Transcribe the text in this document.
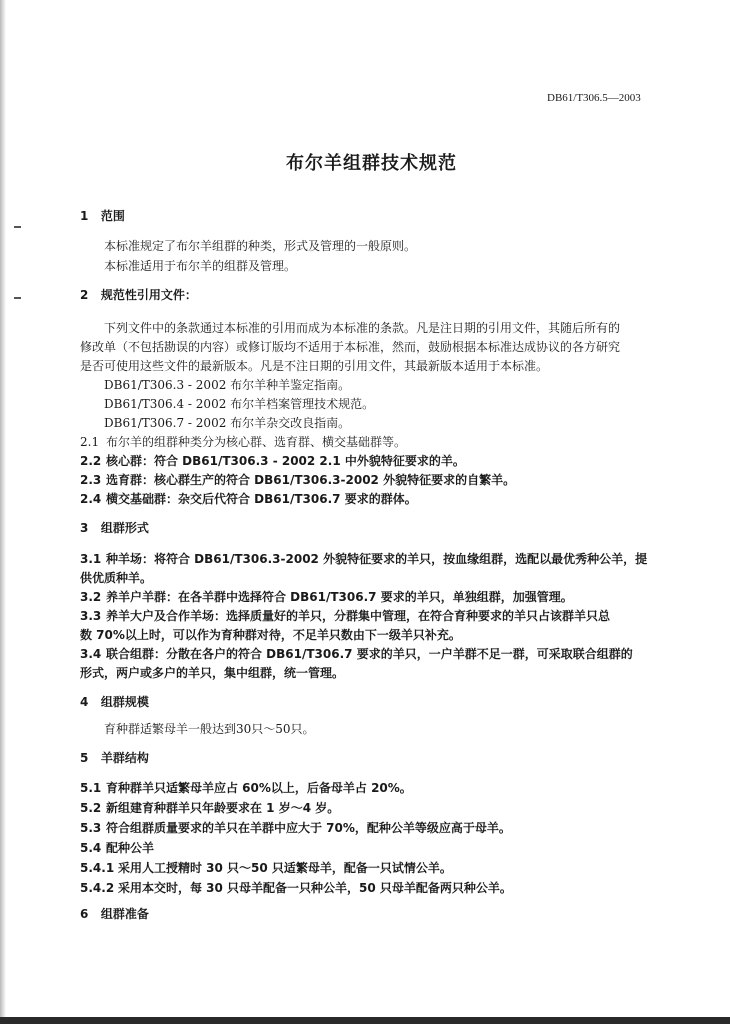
DB61/T306.5—2003
布尔羊组群技术规范
1 范围
本标准规定了布尔羊组群的种类，形式及管理的一般原则。
本标准适用于布尔羊的组群及管理。
2 规范性引用文件：
下列文件中的条款通过本标准的引用而成为本标准的条款。凡是注日期的引用文件，其随后所有的
修改单（不包括勘误的内容）或修订版均不适用于本标准，然而，鼓励根据本标准达成协议的各方研究
是否可使用这些文件的最新版本。凡是不注日期的引用文件，其最新版本适用于本标准。
DB61/T306.3 - 2002 布尔羊种羊鉴定指南。
DB61/T306.4 - 2002 布尔羊档案管理技术规范。
DB61/T306.7 - 2002 布尔羊杂交改良指南。
2.1 布尔羊的组群种类分为核心群、选育群、横交基础群等。
2.2 核心群：符合 DB61/T306.3 - 2002 2.1 中外貌特征要求的羊。
2.3 选育群：核心群生产的符合 DB61/T306.3-2002 外貌特征要求的自繁羊。
2.4 横交基础群：杂交后代符合 DB61/T306.7 要求的群体。
3 组群形式
3.1 种羊场：将符合 DB61/T306.3-2002 外貌特征要求的羊只，按血缘组群，选配以最优秀种公羊，提
供优质种羊。
3.2 养羊户羊群：在各羊群中选择符合 DB61/T306.7 要求的羊只，单独组群，加强管理。
3.3 养羊大户及合作羊场：选择质量好的羊只，分群集中管理，在符合育种要求的羊只占该群羊只总
数 70%以上时，可以作为育种群对待，不足羊只数由下一级羊只补充。
3.4 联合组群：分散在各户的符合 DB61/T306.7 要求的羊只，一户羊群不足一群，可采取联合组群的
形式，两户或多户的羊只，集中组群，统一管理。
4 组群规模
育种群适繁母羊一般达到30只～50只。
5 羊群结构
5.1 育种群羊只适繁母羊应占 60%以上，后备母羊占 20%。
5.2 新组建育种群羊只年龄要求在 1 岁～4 岁。
5.3 符合组群质量要求的羊只在羊群中应大于 70%，配种公羊等级应高于母羊。
5.4 配种公羊
5.4.1 采用人工授精时 30 只～50 只适繁母羊，配备一只试情公羊。
5.4.2 采用本交时，每 30 只母羊配备一只种公羊，50 只母羊配备两只种公羊。
6 组群准备
